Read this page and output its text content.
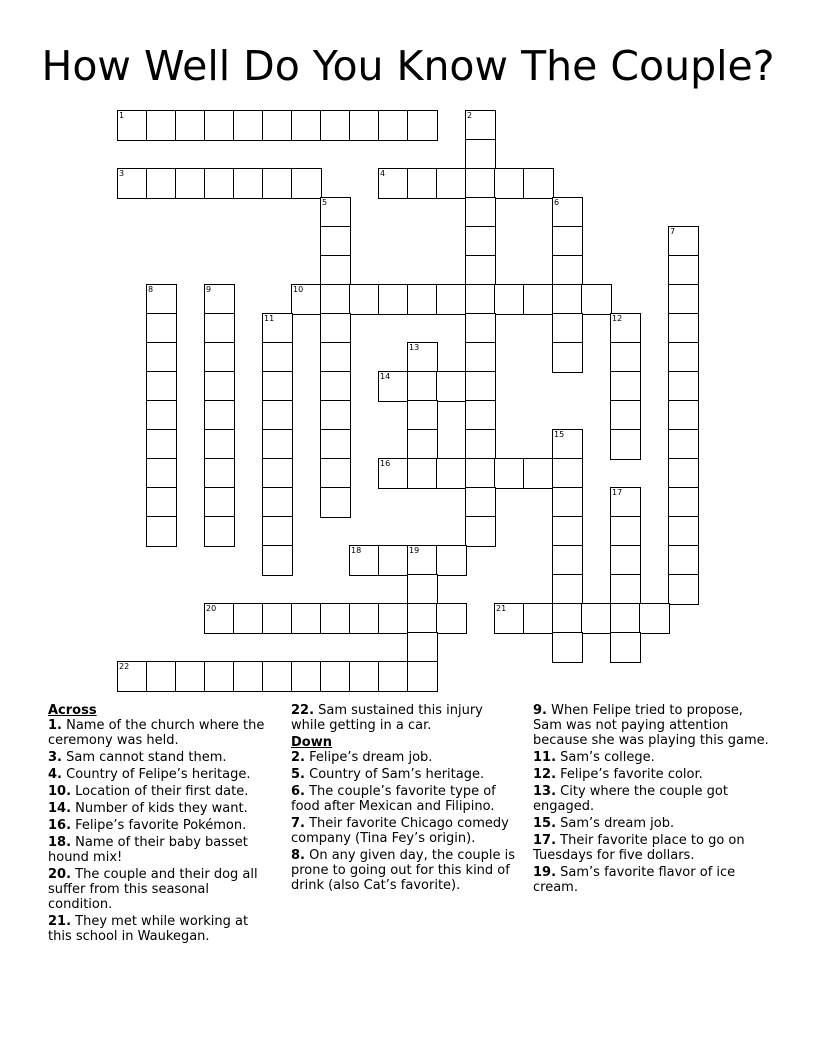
How Well Do You Know The Couple?
1	2
3	4
5	6
7
8	9	10
11	12
13
14
15
16
17
18	19
20	21
22
Across
1. Name of the church where the ceremony was held.
3. Sam cannot stand them.
4. Country of Felipe’s heritage.
10. Location of their first date.
14. Number of kids they want.
16. Felipe’s favorite Pokémon.
18. Name of their baby basset hound mix!
20. The couple and their dog all suffer from this seasonal condition.
21. They met while working at this school in Waukegan.
22. Sam sustained this injury while getting in a car.
Down
2. Felipe’s dream job.
5. Country of Sam’s heritage.
6. The couple’s favorite type of food after Mexican and Filipino.
7. Their favorite Chicago comedy company (Tina Fey’s origin).
8. On any given day, the couple is prone to going out for this kind of drink (also Cat’s favorite).
9. When Felipe tried to propose, Sam was not paying attention because she was playing this game.
11. Sam’s college.
12. Felipe’s favorite color.
13. City where the couple got engaged.
15. Sam’s dream job.
17. Their favorite place to go on Tuesdays for five dollars.
19. Sam’s favorite flavor of ice cream.
